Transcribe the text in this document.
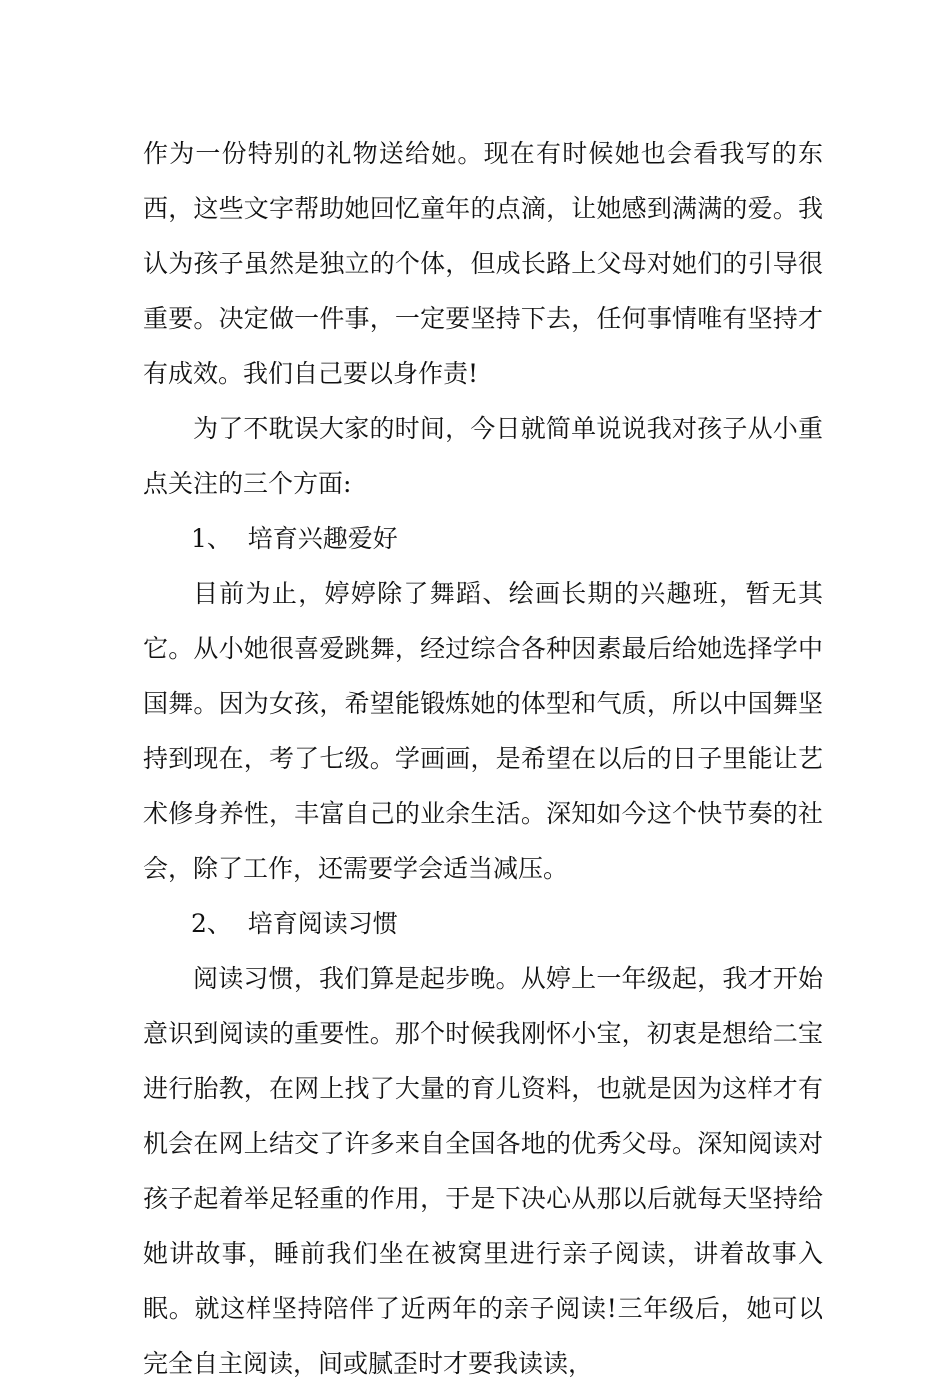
作为一份特别的礼物送给她。现在有时候她也会看我写的东西，这些文字帮助她回忆童年的点滴，让她感到满满的爱。我认为孩子虽然是独立的个体，但成长路上父母对她们的引导很重要。决定做一件事，一定要坚持下去，任何事情唯有坚持才有成效。我们自己要以身作责!

为了不耽误大家的时间，今日就简单说说我对孩子从小重点关注的三个方面:

1、  培育兴趣爱好

目前为止，婷婷除了舞蹈、绘画长期的兴趣班，暂无其它。从小她很喜爱跳舞，经过综合各种因素最后给她选择学中国舞。因为女孩，希望能锻炼她的体型和气质，所以中国舞坚持到现在，考了七级。学画画，是希望在以后的日子里能让艺术修身养性，丰富自己的业余生活。深知如今这个快节奏的社会，除了工作，还需要学会适当减压。

2、  培育阅读习惯

阅读习惯，我们算是起步晚。从婷上一年级起，我才开始意识到阅读的重要性。那个时候我刚怀小宝，初衷是想给二宝进行胎教，在网上找了大量的育儿资料，也就是因为这样才有机会在网上结交了许多来自全国各地的优秀父母。深知阅读对孩子起着举足轻重的作用，于是下决心从那以后就每天坚持给她讲故事，睡前我们坐在被窝里进行亲子阅读，讲着故事入眠。就这样坚持陪伴了近两年的亲子阅读!三年级后，她可以完全自主阅读，间或腻歪时才要我读读，
